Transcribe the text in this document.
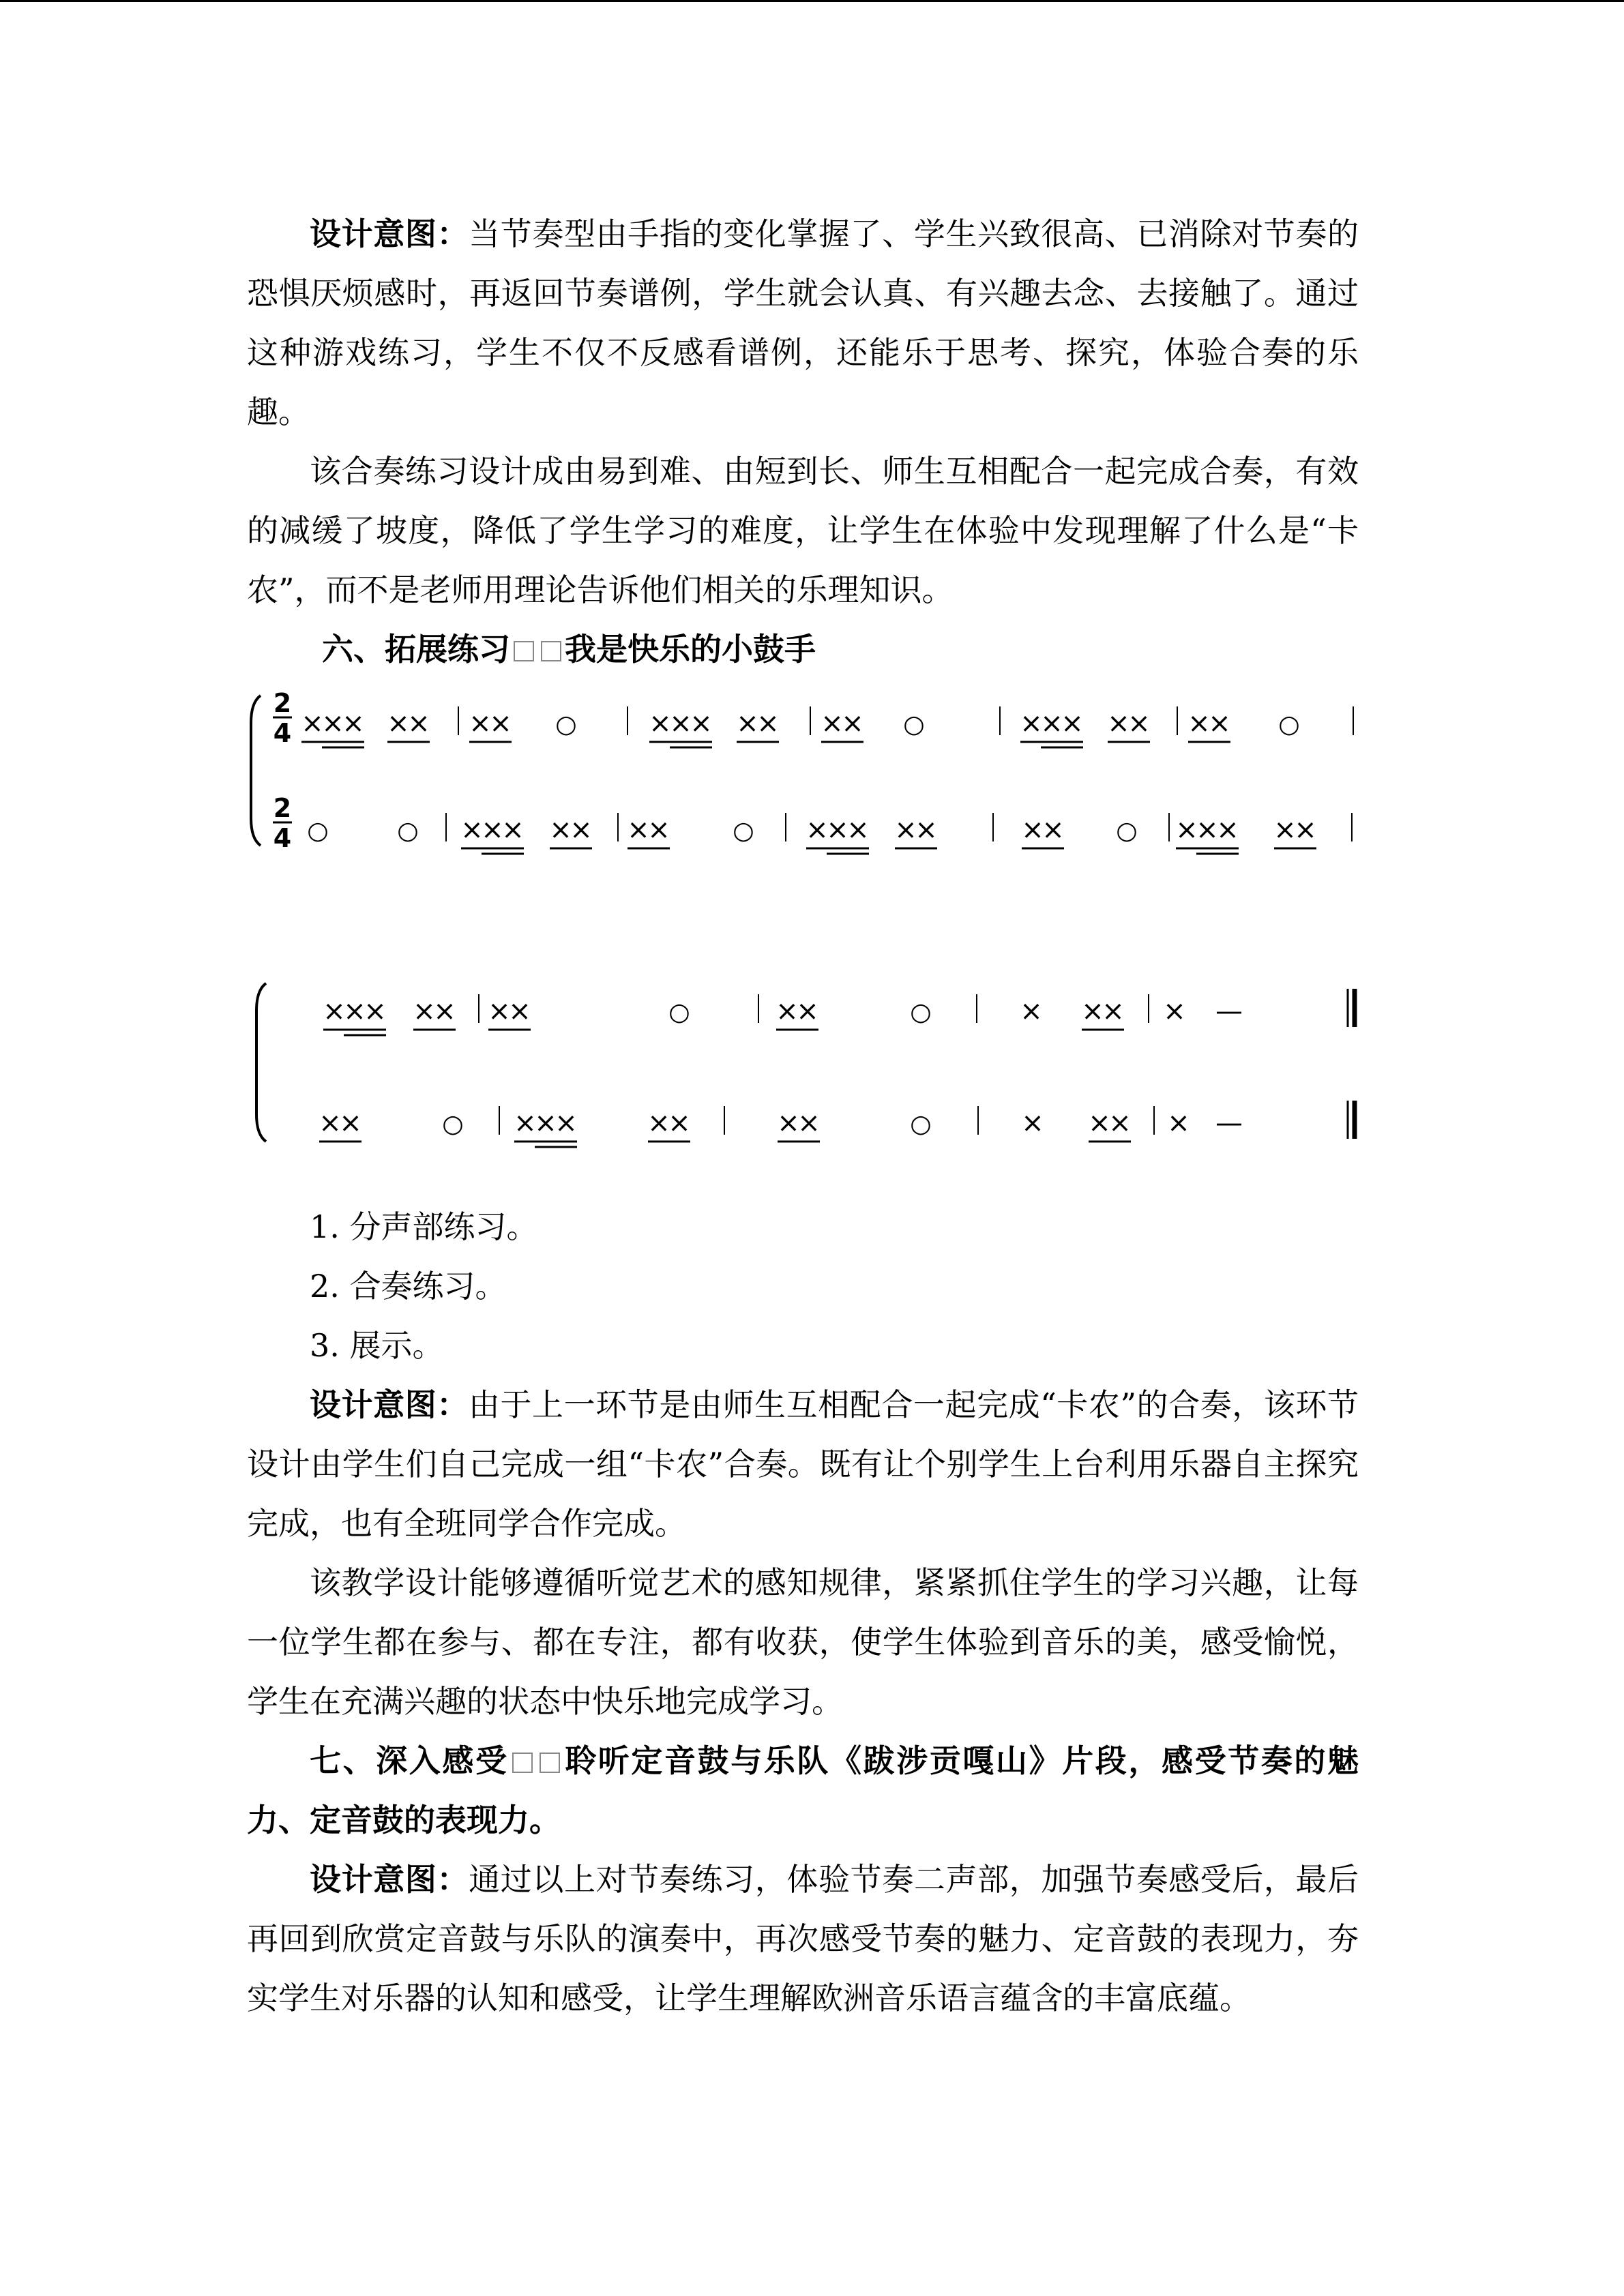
设计意图：当节奏型由手指的变化掌握了、学生兴致很高、已消除对节奏的恐惧厌烦感时，再返回节奏谱例，学生就会认真、有兴趣去念、去接触了。通过这种游戏练习，学生不仅不反感看谱例，还能乐于思考、探究，体验合奏的乐趣。

该合奏练习设计成由易到难、由短到长、师生互相配合一起完成合奏，有效的减缓了坡度，降低了学生学习的难度，让学生在体验中发现理解了什么是“卡农”，而不是老师用理论告诉他们相关的乐理知识。

六、拓展练习 我是快乐的小鼓手

2
4
2
4
×
×
× ×
× ×
× ○	×
×
× ×
× ×
× ○	×
×
× ×
× ×
× ○
○	○ ×
×
× ×
× ×
×	○ ×
×
× ×
×	×
× ○ ×
×
× ×
×
×
×
× ×
× ×
×	○	×
×	○	× ×
× × —
×
×	○ ×
×
×	×
×	×
×	○	× ×
× × —

1. 分声部练习。

2. 合奏练习。

3. 展示。

设计意图：由于上一环节是由师生互相配合一起完成“卡农”的合奏，该环节设计由学生们自己完成一组“卡农”合奏。既有让个别学生上台利用乐器自主探究完成，也有全班同学合作完成。

该教学设计能够遵循听觉艺术的感知规律，紧紧抓住学生的学习兴趣，让每一位学生都在参与、都在专注，都有收获，使学生体验到音乐的美，感受愉悦，学生在充满兴趣的状态中快乐地完成学习。

七、深入感受 聆听定音鼓与乐队《跋涉贡嘎山》片段，感受节奏的魅力、定音鼓的表现力。

设计意图：通过以上对节奏练习，体验节奏二声部，加强节奏感受后，最后再回到欣赏定音鼓与乐队的演奏中，再次感受节奏的魅力、定音鼓的表现力，夯实学生对乐器的认知和感受，让学生理解欧洲音乐语言蕴含的丰富底蕴。
